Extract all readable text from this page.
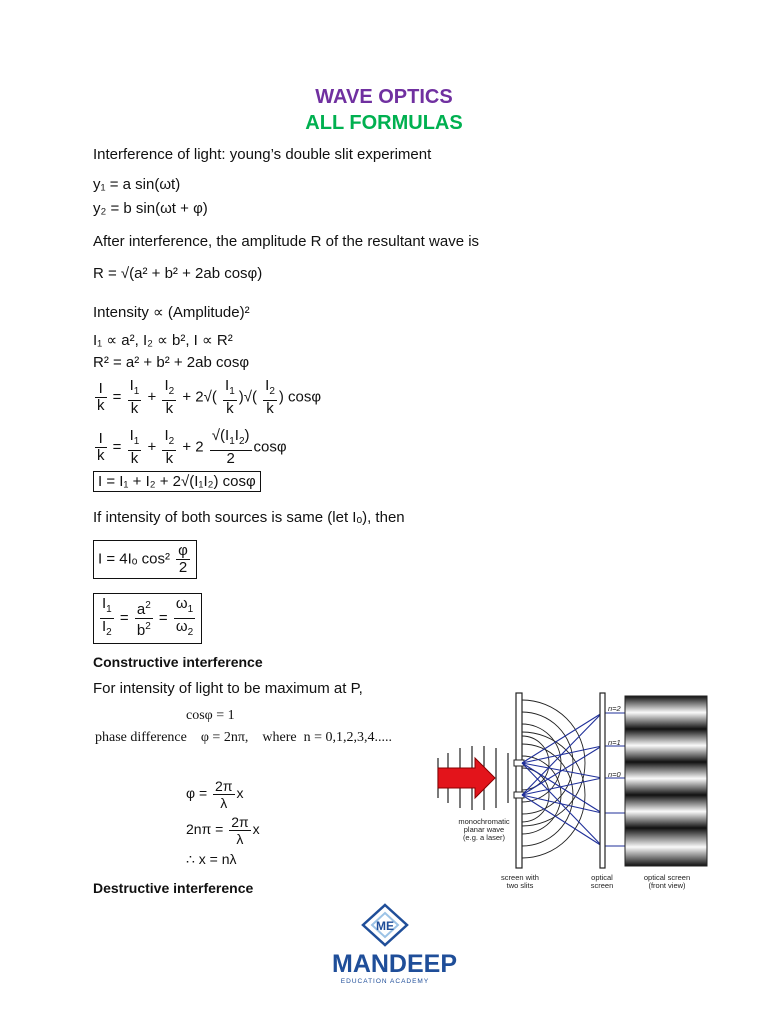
WAVE OPTICS
ALL FORMULAS
Interference of light: young’s double slit experiment
y₁ = a sin(ωt)
y₂ = b sin(ωt + φ)
After interference, the amplitude R of the resultant wave is
R = √(a² + b² + 2ab cosφ)
Intensity ∝ (Amplitude)²
I₁ ∝ a², I₂ ∝ b², I ∝ R²
R² = a² + b² + 2ab cosφ
$\frac{I}{k} = \frac{I_1}{k} + \frac{I_2}{k} + 2√( \frac{I_1}{k}$ )√( $\frac{I_2}{k}$ ) cosφ
$\frac{I}{k} = \frac{I_1}{k} + \frac{I_2}{k} + 2 \frac{√(I_1I_2)}{2}$ cosφ
I = I₁ + I₂ + 2√(I₁I₂) cosφ
If intensity of both sources is same (let Iₒ), then
I = 4Iₒ $\cos^2 \frac{\varphi}{2}$
$\frac{I_1}{I_2} = \frac{a^2}{b^2} = \frac{\omega_1}{\omega_2}$
Constructive interference
For intensity of light to be maximum at P,
cosφ = 1
phase difference    φ = 2nπ,    where  n = 0,1,2,3,4.....
$\varphi = \frac{2\pi}{\lambda}$ x
$2n\pi = \frac{2\pi}{\lambda}$ x
∴ x = nλ
Destructive interference
n=2
n=1
n=0
monochromatic
planar wave
(e.g. a laser)
screen with
two slits
optical
screen
optical screen
(front view)
ME
MANDEEP
EDUCATION ACADEMY
